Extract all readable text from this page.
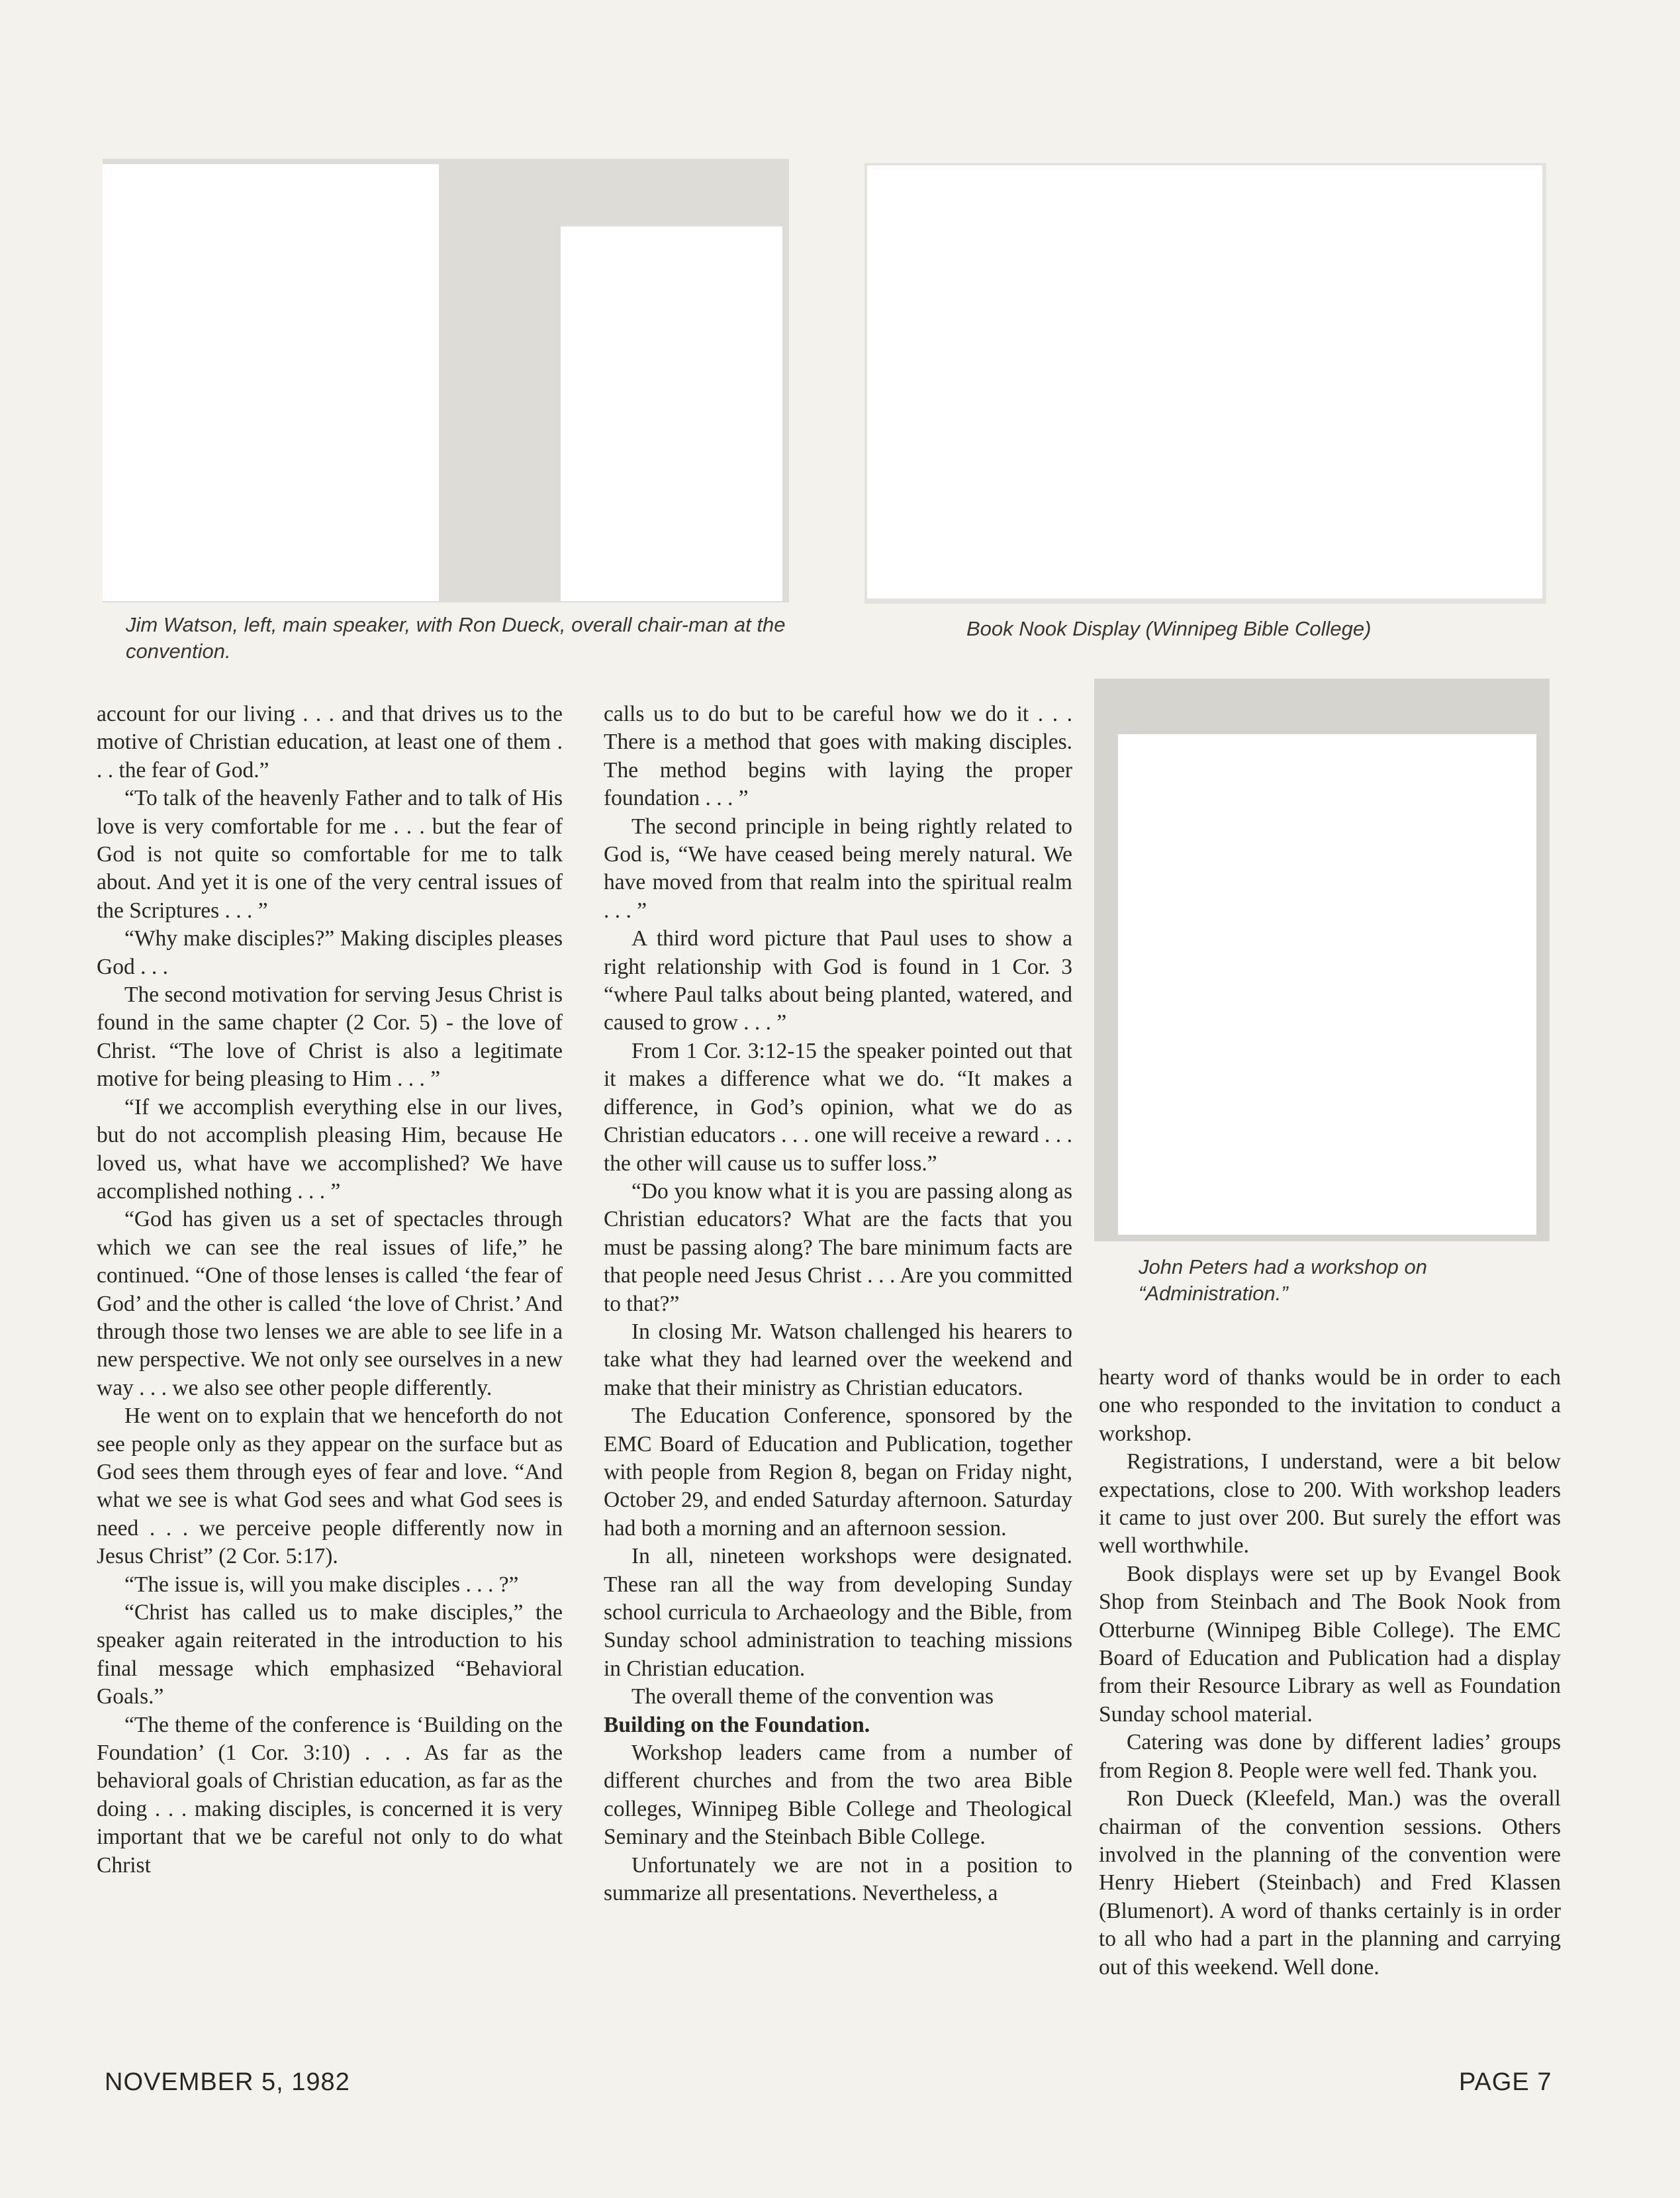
Jim Watson, left, main speaker, with Ron Dueck, overall chair-man at the convention.
Book Nook Display (Winnipeg Bible College)
John Peters had a workshop on “Administration.”

account for our living . . . and that drives us to the motive of Christian education, at least one of them . . . the fear of God.”

“To talk of the heavenly Father and to talk of His love is very comfortable for me . . . but the fear of God is not quite so comfortable for me to talk about. And yet it is one of the very central issues of the Scriptures . . . ”

“Why make disciples?” Making disciples pleases God . . .

The second motivation for serving Jesus Christ is found in the same chapter (2 Cor. 5) - the love of Christ. “The love of Christ is also a legitimate motive for being pleasing to Him . . . ”

“If we accomplish everything else in our lives, but do not accomplish pleasing Him, because He loved us, what have we accomplished? We have accomplished nothing . . . ”

“God has given us a set of spectacles through which we can see the real issues of life,” he continued. “One of those lenses is called ‘the fear of God’ and the other is called ‘the love of Christ.’ And through those two lenses we are able to see life in a new perspective. We not only see ourselves in a new way . . . we also see other people differently.

He went on to explain that we henceforth do not see people only as they appear on the surface but as God sees them through eyes of fear and love. “And what we see is what God sees and what God sees is need . . . we perceive people differently now in Jesus Christ” (2 Cor. 5:17).

“The issue is, will you make disciples . . . ?”

“Christ has called us to make disciples,” the speaker again reiterated in the introduction to his final message which emphasized “Behavioral Goals.”

“The theme of the conference is ‘Building on the Foundation’ (1 Cor. 3:10) . . . As far as the behavioral goals of Christian education, as far as the doing . . . making disciples, is concerned it is very important that we be careful not only to do what Christ

calls us to do but to be careful how we do it . . . There is a method that goes with making disciples. The method begins with laying the proper foundation . . . ”

The second principle in being rightly related to God is, “We have ceased being merely natural. We have moved from that realm into the spiritual realm . . . ”

A third word picture that Paul uses to show a right relationship with God is found in 1 Cor. 3 “where Paul talks about being planted, watered, and caused to grow . . . ”

From 1 Cor. 3:12-15 the speaker pointed out that it makes a difference what we do. “It makes a difference, in God’s opinion, what we do as Christian educators . . . one will receive a reward . . . the other will cause us to suffer loss.”

“Do you know what it is you are passing along as Christian educators? What are the facts that you must be passing along? The bare minimum facts are that people need Jesus Christ . . . Are you committed to that?”

In closing Mr. Watson challenged his hearers to take what they had learned over the weekend and make that their ministry as Christian educators.

The Education Conference, sponsored by the EMC Board of Education and Publication, together with people from Region 8, began on Friday night, October 29, and ended Saturday afternoon. Saturday had both a morning and an afternoon session.

In all, nineteen workshops were designated. These ran all the way from developing Sunday school curricula to Archaeology and the Bible, from Sunday school administration to teaching missions in Christian education.

The overall theme of the convention was

Building on the Foundation.

Workshop leaders came from a number of different churches and from the two area Bible colleges, Winnipeg Bible College and Theological Seminary and the Steinbach Bible College.

Unfortunately we are not in a position to summarize all presentations. Nevertheless, a

hearty word of thanks would be in order to each one who responded to the invitation to conduct a workshop.

Registrations, I understand, were a bit below expectations, close to 200. With workshop leaders it came to just over 200. But surely the effort was well worthwhile.

Book displays were set up by Evangel Book Shop from Steinbach and The Book Nook from Otterburne (Winnipeg Bible College). The EMC Board of Education and Publication had a display from their Resource Library as well as Foundation Sunday school material.

Catering was done by different ladies’ groups from Region 8. People were well fed. Thank you.

Ron Dueck (Kleefeld, Man.) was the overall chairman of the convention sessions. Others involved in the planning of the convention were Henry Hiebert (Steinbach) and Fred Klassen (Blumenort). A word of thanks certainly is in order to all who had a part in the planning and carrying out of this weekend. Well done.

NOVEMBER 5, 1982	PAGE 7
